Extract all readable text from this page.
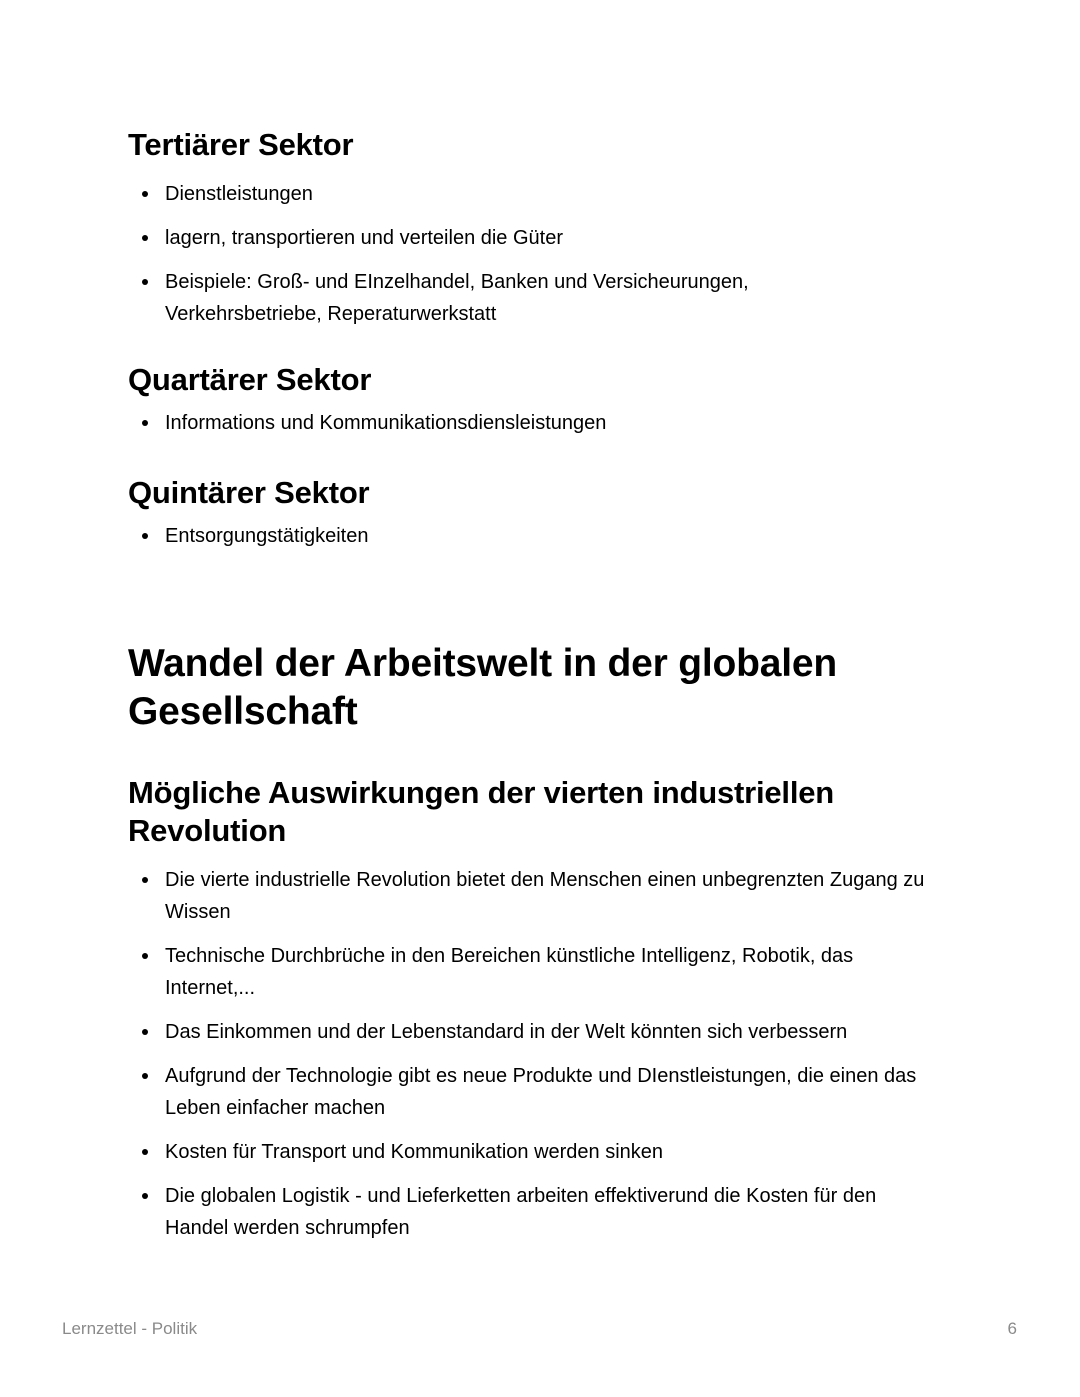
Tertiärer Sektor
Dienstleistungen
lagern, transportieren und verteilen die Güter
Beispiele: Groß- und EInzelhandel, Banken und Versicheurungen, Verkehrsbetriebe, Reperaturwerkstatt
Quartärer Sektor
Informations und Kommunikationsdiensleistungen
Quintärer Sektor
Entsorgungstätigkeiten
Wandel der Arbeitswelt in der globalen Gesellschaft
Mögliche Auswirkungen der vierten industriellen Revolution
Die vierte industrielle Revolution bietet den Menschen einen unbegrenzten Zugang zu Wissen
Technische Durchbrüche in den Bereichen künstliche Intelligenz, Robotik, das Internet,...
Das Einkommen und der Lebenstandard in der Welt könnten sich verbessern
Aufgrund der Technologie gibt es neue Produkte und DIenstleistungen, die einen das Leben einfacher machen
Kosten für Transport und Kommunikation werden sinken
Die globalen Logistik - und Lieferketten arbeiten effektiverund die Kosten für den Handel werden schrumpfen
Lernzettel - Politik	6
